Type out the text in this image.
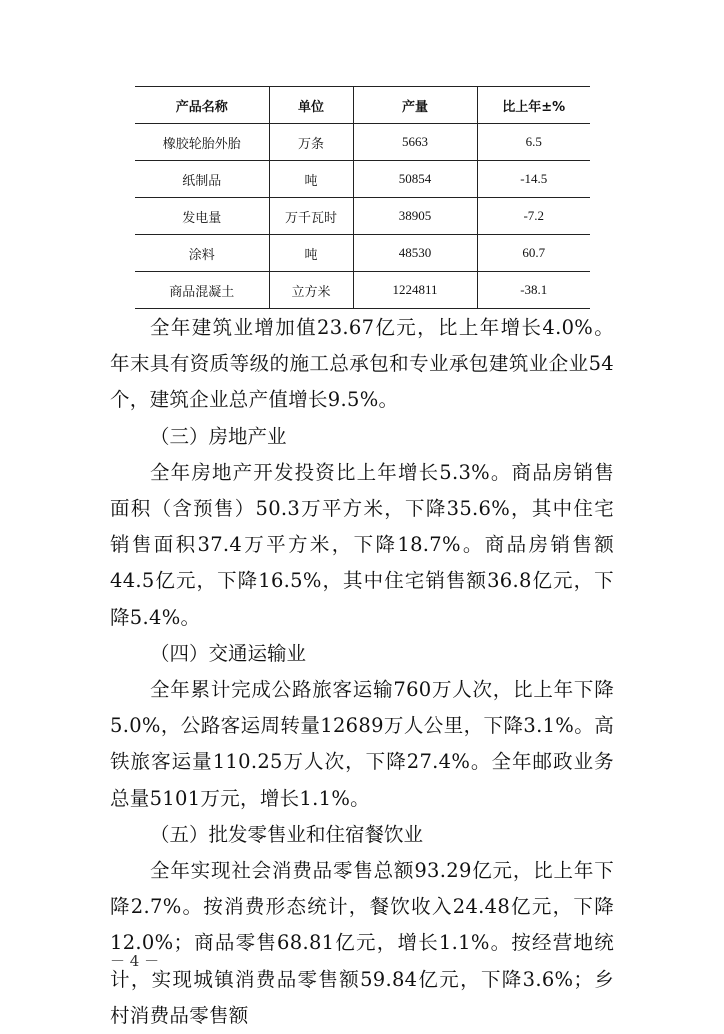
产品名称	单位	产量	比上年±%
橡胶轮胎外胎	万条	5663	6.5
纸制品	吨	50854	-14.5
发电量	万千瓦时	38905	-7.2
涂料	吨	48530	60.7
商品混凝土	立方米	1224811	-38.1

全年建筑业增加值23.67亿元，比上年增长4.0%。年末具有资质等级的施工总承包和专业承包建筑业企业54个，建筑企业总产值增长9.5%。

（三）房地产业

全年房地产开发投资比上年增长5.3%。商品房销售面积（含预售）50.3万平方米，下降35.6%，其中住宅销售面积37.4万平方米，下降18.7%。商品房销售额44.5亿元，下降16.5%，其中住宅销售额36.8亿元，下降5.4%。

（四）交通运输业

全年累计完成公路旅客运输760万人次，比上年下降5.0%，公路客运周转量12689万人公里，下降3.1%。高铁旅客运量110.25万人次，下降27.4%。全年邮政业务总量5101万元，增长1.1%。

（五）批发零售业和住宿餐饮业

全年实现社会消费品零售总额93.29亿元，比上年下降2.7%。按消费形态统计，餐饮收入24.48亿元，下降12.0%；商品零售68.81亿元，增长1.1%。按经营地统计，实现城镇消费品零售额59.84亿元，下降3.6%；乡村消费品零售额

－ 4 －
